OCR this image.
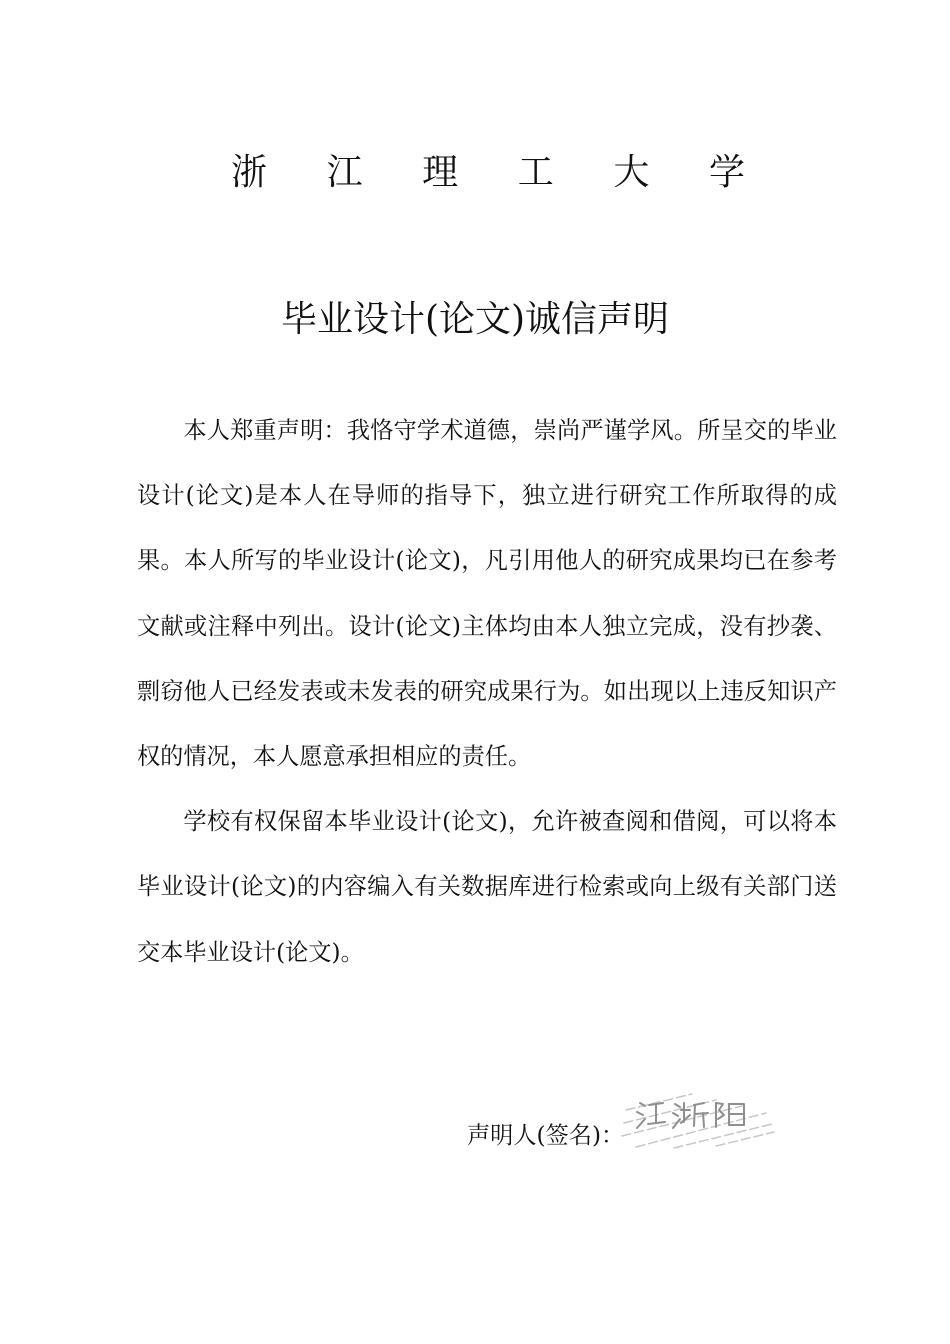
浙 江 理 工 大 学
毕业设计(论文)诚信声明

本人郑重声明：我恪守学术道德，崇尚严谨学风。所呈交的毕业设计(论文)是本人在导师的指导下，独立进行研究工作所取得的成果。本人所写的毕业设计(论文)，凡引用他人的研究成果均已在参考文献或注释中列出。设计(论文)主体均由本人独立完成，没有抄袭、剽窃他人已经发表或未发表的研究成果行为。如出现以上违反知识产权的情况，本人愿意承担相应的责任。

学校有权保留本毕业设计(论文)，允许被查阅和借阅，可以将本毕业设计(论文)的内容编入有关数据库进行检索或向上级有关部门送交本毕业设计(论文)。

声明人(签名)：
